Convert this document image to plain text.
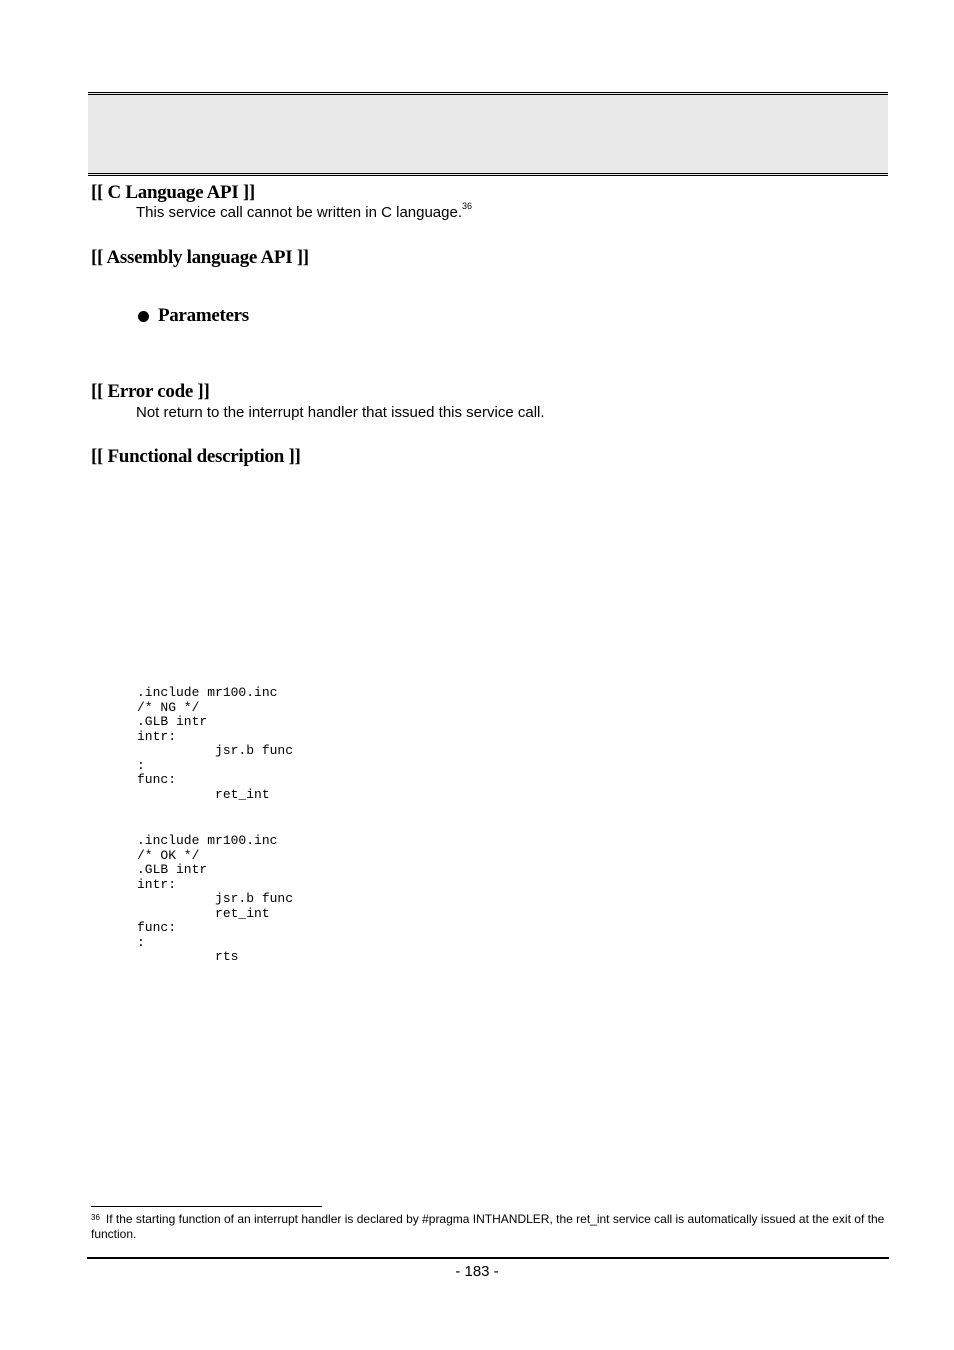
[[ C Language API ]]
This service call cannot be written in C language.$^{36}$
[[ Assembly language API ]]
Parameters
[[ Error code ]]
Not return to the interrupt handler that issued this service call.
[[ Functional description ]]
.include mr100.inc
/* NG */
.GLB intr
intr:
jsr.b func
:
func:
ret_int
.include mr100.inc
/* OK */
.GLB intr
intr:
jsr.b func
ret_int
func:
:
rts
$^{36}$ If the starting function of an interrupt handler is declared by #pragma INTHANDLER, the ret_int service call is automatically issued at the exit of the function.
- 183 -
